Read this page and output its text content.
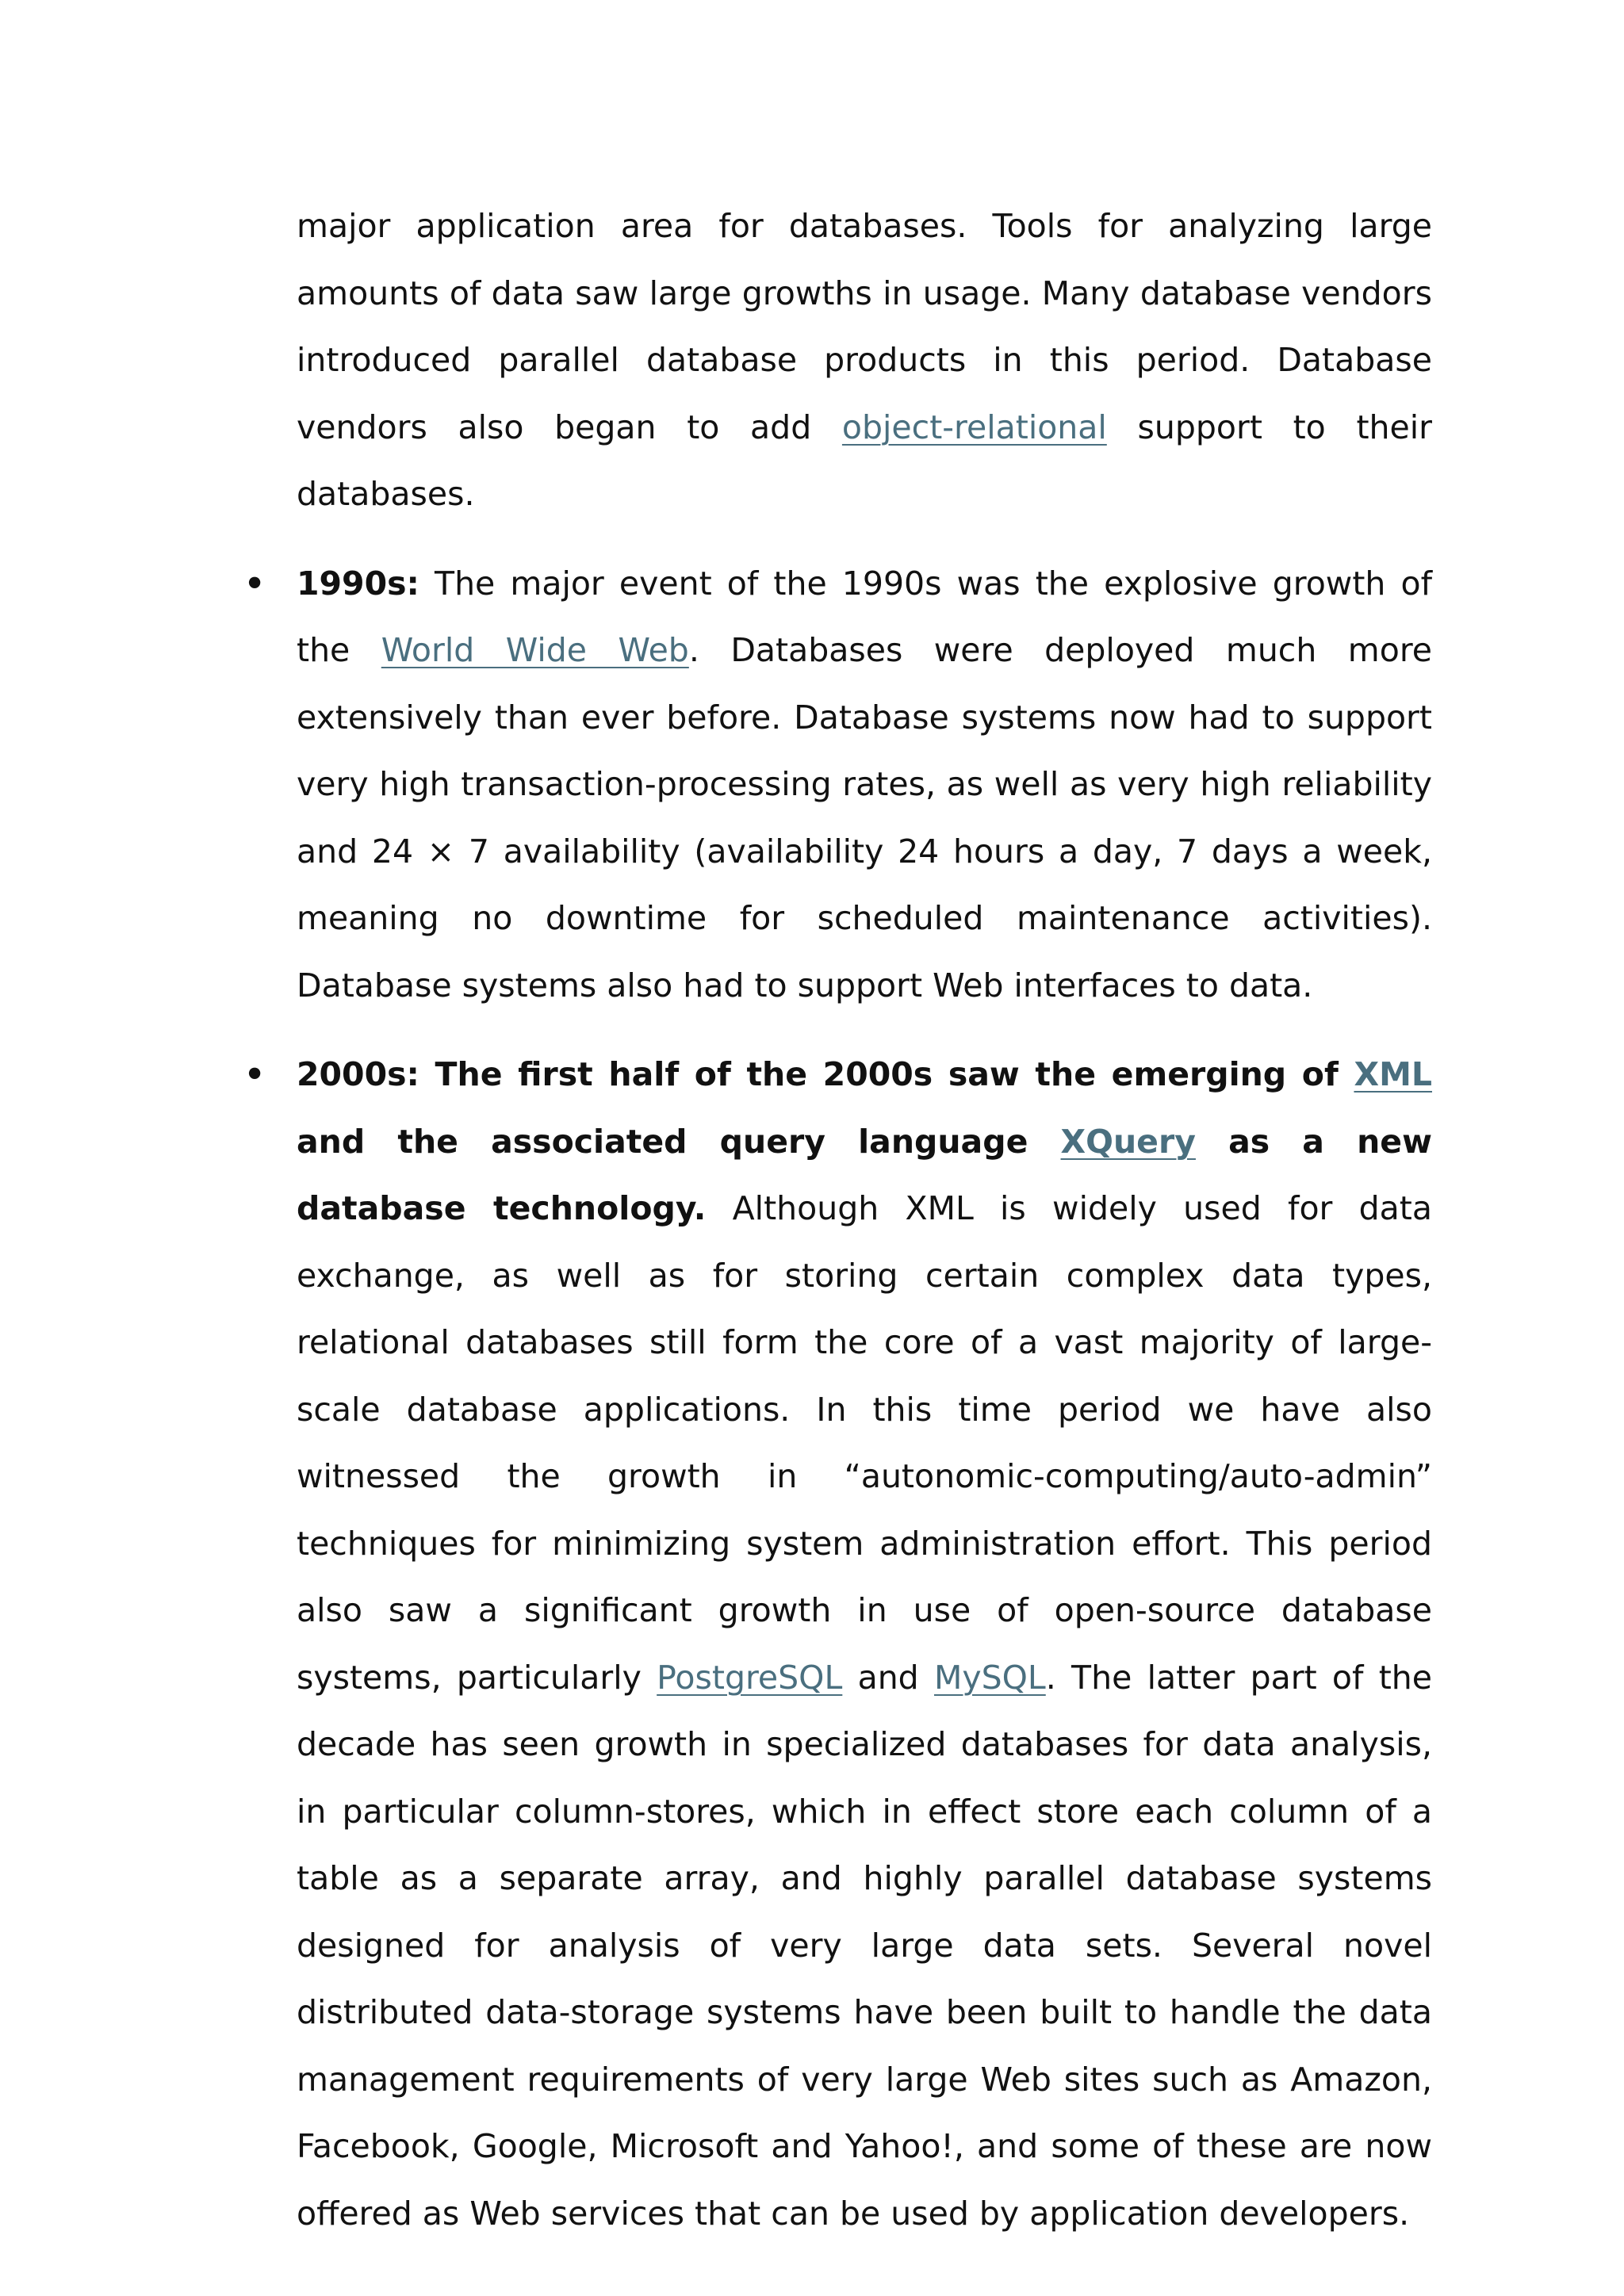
major application area for databases. Tools for analyzing large amounts of data saw large growths in usage. Many database vendors introduced parallel database products in this period. Database vendors also began to add object-relational support to their databases.

• 1990s: The major event of the 1990s was the explosive growth of the World Wide Web. Databases were deployed much more extensively than ever before. Database systems now had to support very high transaction-processing rates, as well as very high reliability and 24 × 7 availability (availability 24 hours a day, 7 days a week, meaning no downtime for scheduled maintenance activities). Database systems also had to support Web interfaces to data.
• 2000s: The first half of the 2000s saw the emerging of XML and the associated query language XQuery as a new database technology. Although XML is widely used for data exchange, as well as for storing certain complex data types, relational databases still form the core of a vast majority of large-scale database applications. In this time period we have also witnessed the growth in “autonomic-computing/auto-admin” techniques for minimizing system administration effort. This period also saw a significant growth in use of open-source database systems, particularly PostgreSQL and MySQL. The latter part of the decade has seen growth in specialized databases for data analysis, in particular column-stores, which in effect store each column of a table as a separate array, and highly parallel database systems designed for analysis of very large data sets. Several novel distributed data-storage systems have been built to handle the data management requirements of very large Web sites such as Amazon, Facebook, Google, Microsoft and Yahoo!, and some of these are now offered as Web services that can be used by application developers.
